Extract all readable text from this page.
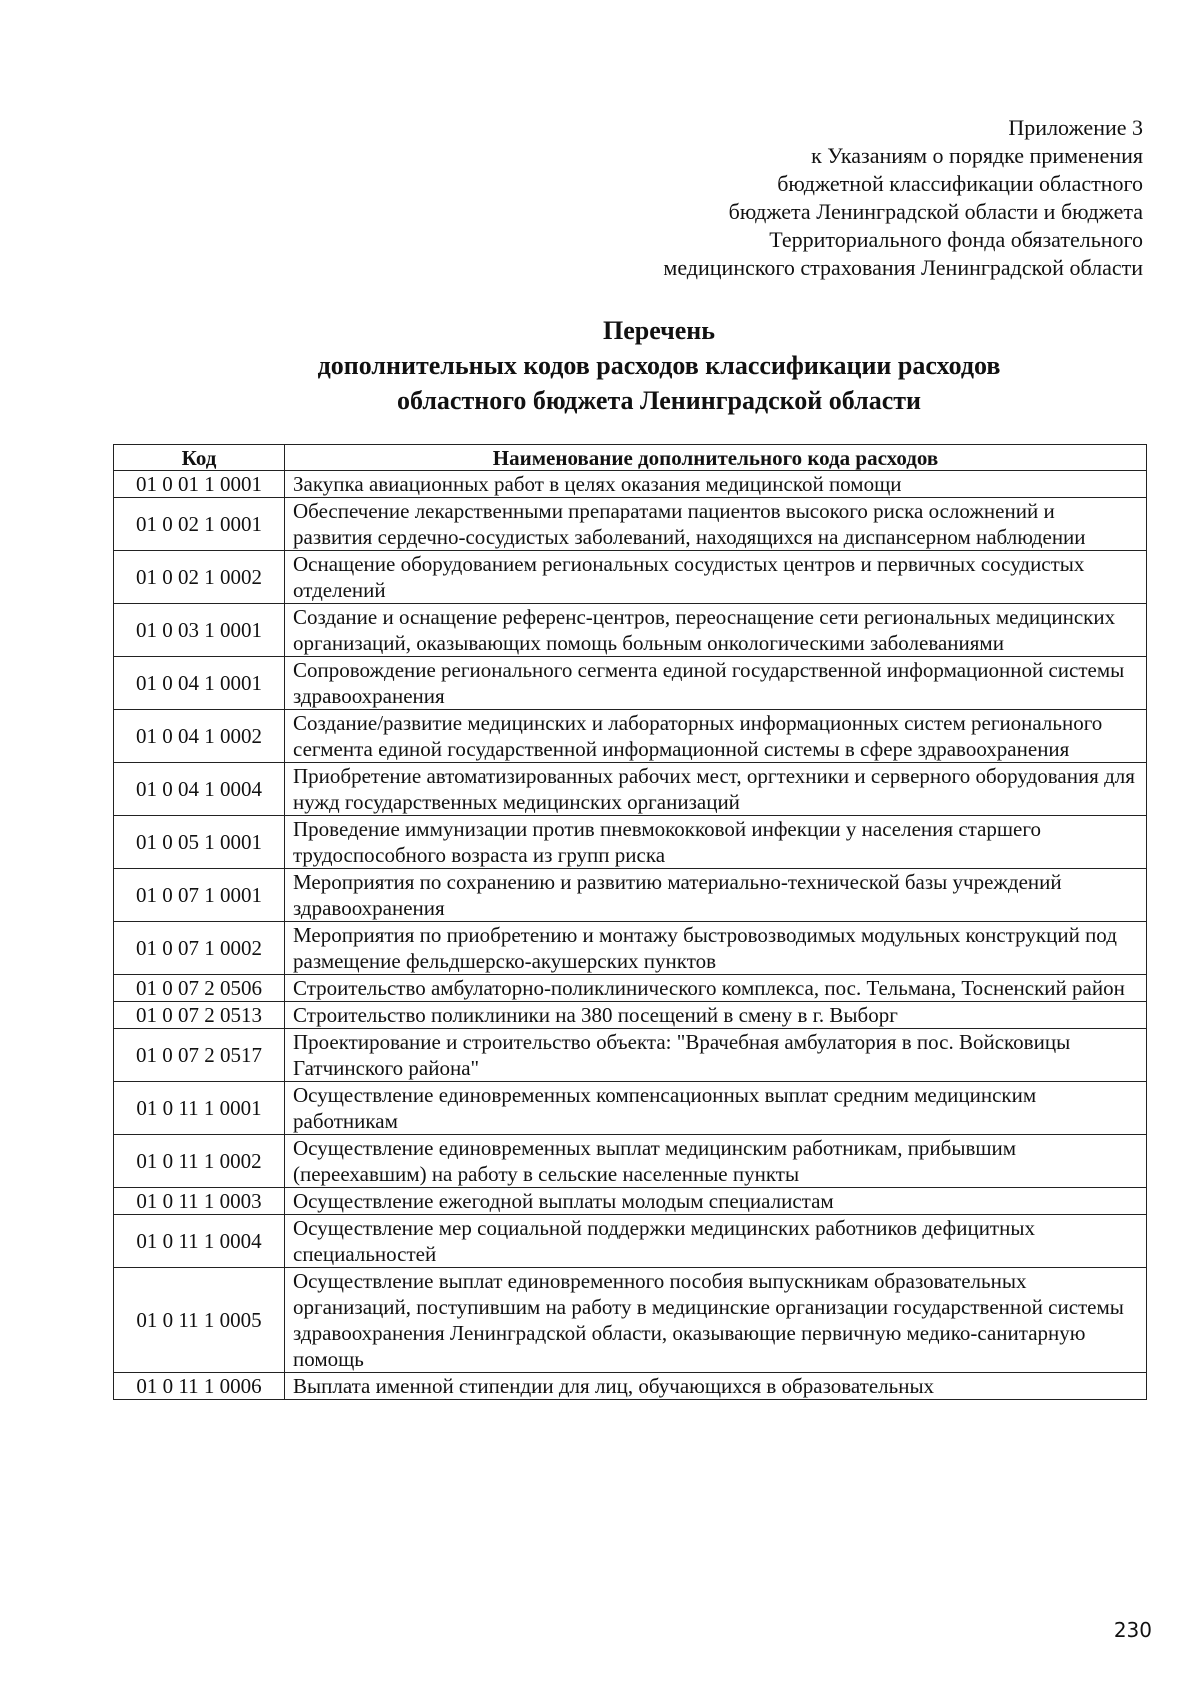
Приложение 3
к Указаниям о порядке применения
бюджетной классификации областного
бюджета Ленинградской области и бюджета
Территориального фонда обязательного
медицинского страхования Ленинградской области
Перечень
дополнительных кодов расходов классификации расходов
областного бюджета Ленинградской области
Код	Наименование дополнительного кода расходов
01 0 01 1 0001	Закупка авиационных работ в целях оказания медицинской помощи
01 0 02 1 0001	Обеспечение лекарственными препаратами пациентов высокого риска осложнений и развития сердечно-сосудистых заболеваний, находящихся на диспансерном наблюдении
01 0 02 1 0002	Оснащение оборудованием региональных сосудистых центров и первичных сосудистых отделений
01 0 03 1 0001	Создание и оснащение референс-центров, переоснащение сети региональных медицинских организаций, оказывающих помощь больным онкологическими заболеваниями
01 0 04 1 0001	Сопровождение регионального сегмента единой государственной информационной системы здравоохранения
01 0 04 1 0002	Создание/развитие медицинских и лабораторных информационных систем регионального сегмента единой государственной информационной системы в сфере здравоохранения
01 0 04 1 0004	Приобретение автоматизированных рабочих мест, оргтехники и серверного оборудования для нужд государственных медицинских организаций
01 0 05 1 0001	Проведение иммунизации против пневмококковой инфекции у населения старшего трудоспособного возраста из групп риска
01 0 07 1 0001	Мероприятия по сохранению и развитию материально-технической базы учреждений здравоохранения
01 0 07 1 0002	Мероприятия по приобретению и монтажу быстровозводимых модульных конструкций под размещение фельдшерско-акушерских пунктов
01 0 07 2 0506	Строительство амбулаторно-поликлинического комплекса, пос. Тельмана, Тосненский район
01 0 07 2 0513	Строительство поликлиники на 380 посещений в смену в г. Выборг
01 0 07 2 0517	Проектирование и строительство объекта: "Врачебная амбулатория в пос. Войсковицы Гатчинского района"
01 0 11 1 0001	Осуществление единовременных компенсационных выплат средним медицинским работникам
01 0 11 1 0002	Осуществление единовременных выплат медицинским работникам, прибывшим (переехавшим) на работу в сельские населенные пункты
01 0 11 1 0003	Осуществление ежегодной выплаты молодым специалистам
01 0 11 1 0004	Осуществление мер социальной поддержки медицинских работников дефицитных специальностей
01 0 11 1 0005	Осуществление выплат единовременного пособия выпускникам образовательных организаций, поступившим на работу в медицинские организации государственной системы здравоохранения Ленинградской области, оказывающие первичную медико-санитарную помощь
01 0 11 1 0006	Выплата именной стипендии для лиц, обучающихся в образовательных
230
